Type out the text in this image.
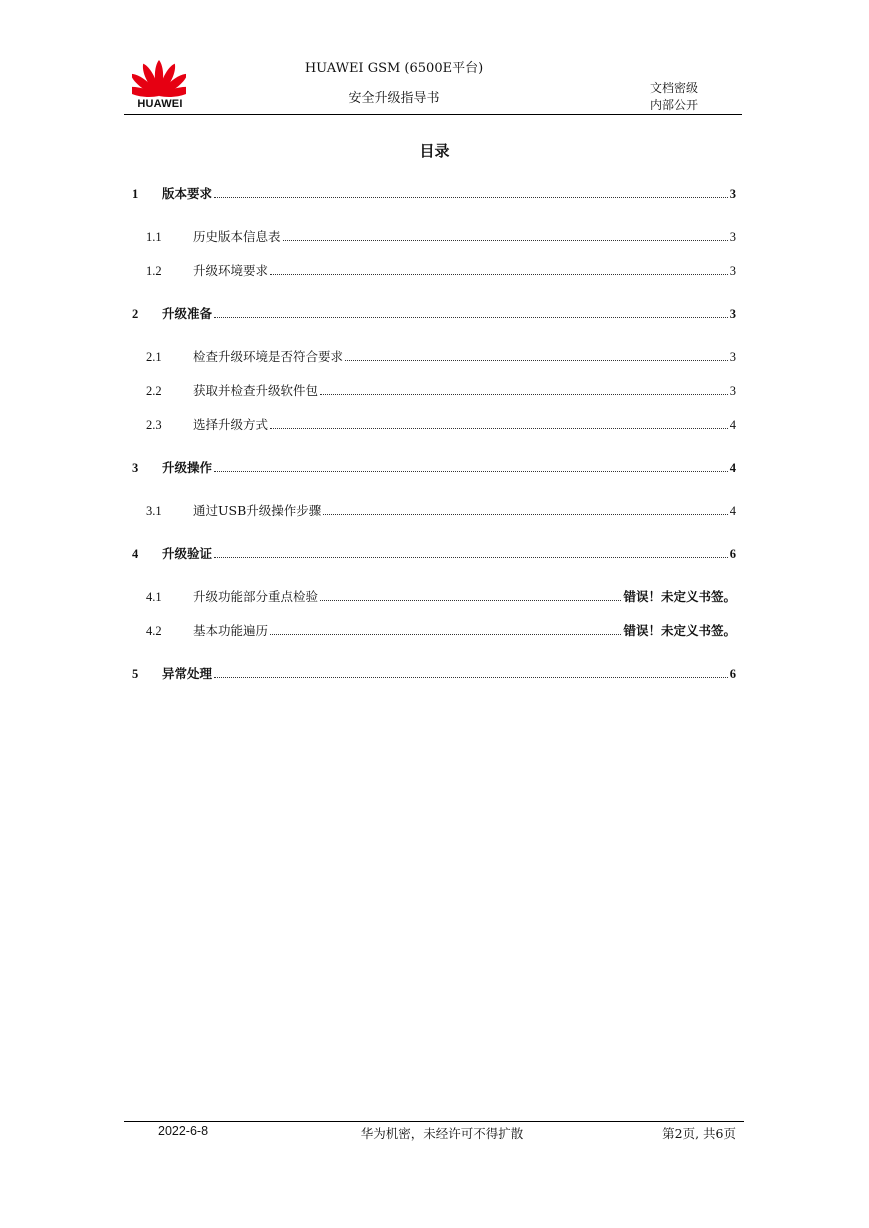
HUAWEI
HUAWEI GSM (6500E平台)
安全升级指导书
文档密级
内部公开
目录
1	版本要求	3
1.1	历史版本信息表	3
1.2	升级环境要求	3
2	升级准备	3
2.1	检查升级环境是否符合要求	3
2.2	获取并检查升级软件包	3
2.3	选择升级方式	4
3	升级操作	4
3.1	通过USB升级操作步骤	4
4	升级验证	6
4.1	升级功能部分重点检验	错误！未定义书签。
4.2	基本功能遍历	错误！未定义书签。
5	异常处理	6
2022-6-8	华为机密，未经许可不得扩散	第2页, 共6页
